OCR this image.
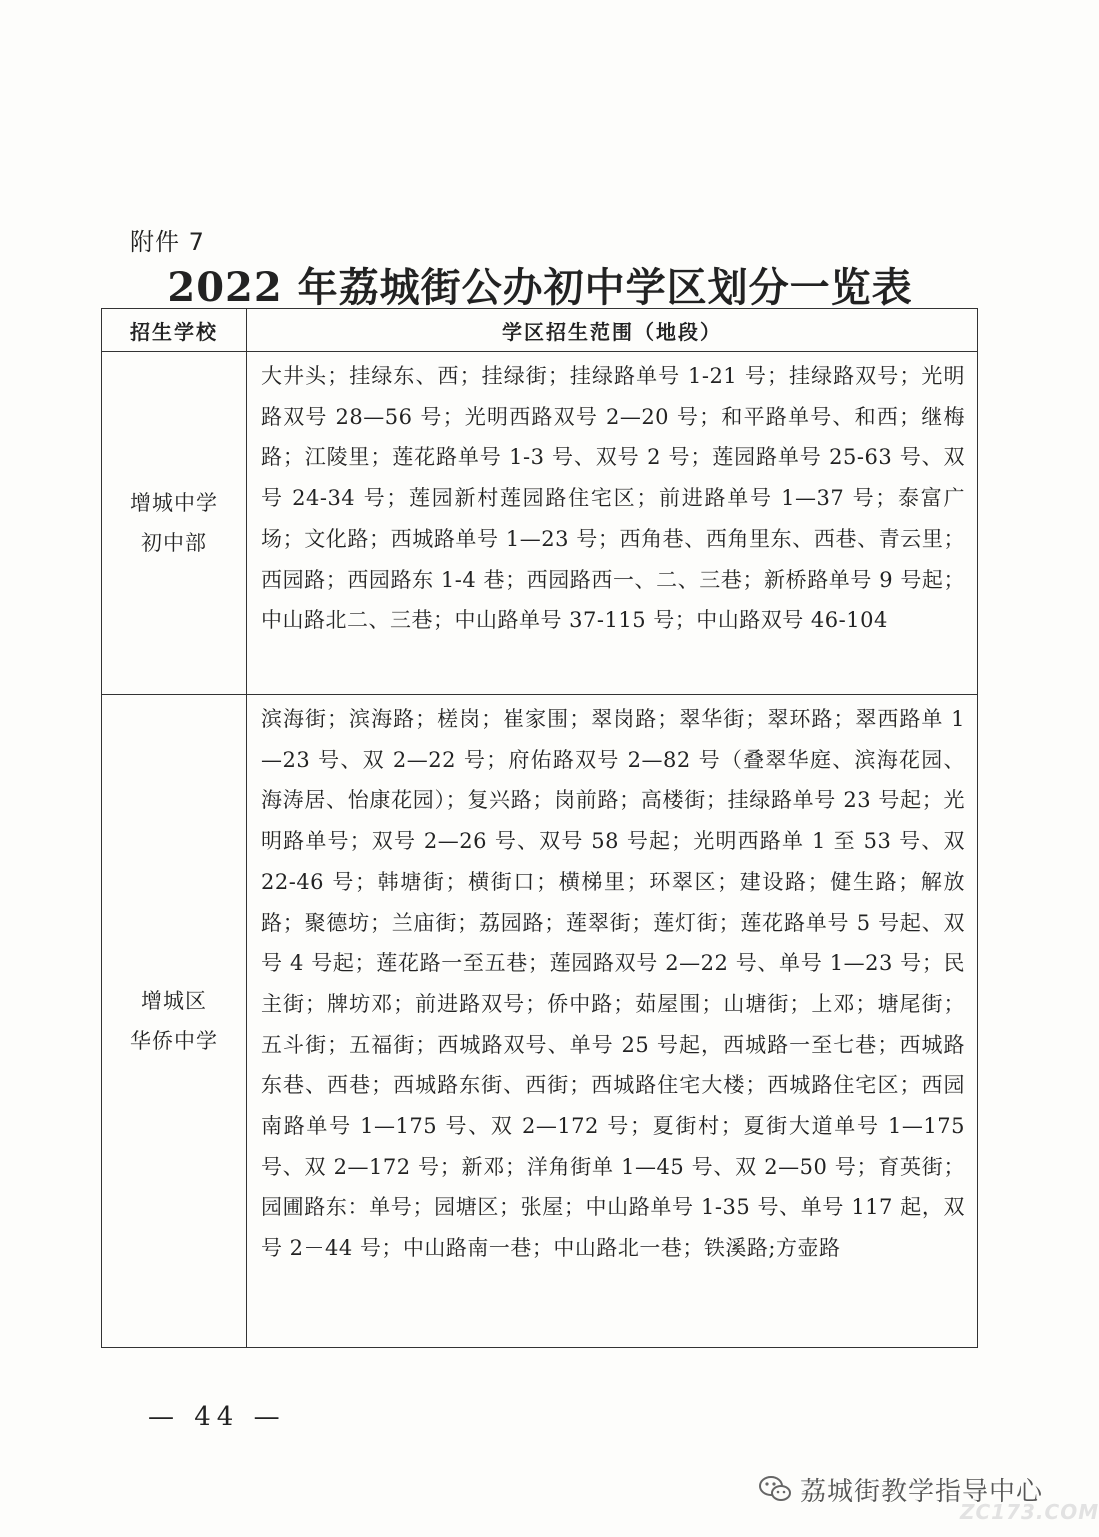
附件 7
2022 年荔城街公办初中学区划分一览表
招生学校	学区招生范围（地段）

增城中学
初中部	大井头；挂绿东、西；挂绿街；挂绿路单号 1-21 号；挂绿路双号；光明路双号 28—56 号；光明西路双号 2—20 号；和平路单号、和西；继梅路；江陵里；莲花路单号 1-3 号、双号 2 号；莲园路单号 25-63 号、双号 24-34 号；莲园新村莲园路住宅区；前进路单号 1—37 号；泰富广场；文化路；西城路单号 1—23 号；西角巷、西角里东、西巷、青云里；西园路；西园路东 1-4 巷；西园路西一、二、三巷；新桥路单号 9 号起；中山路北二、三巷；中山路单号 37-115 号；中山路双号 46-104

增城区
华侨中学	滨海街；滨海路；槎岗；崔家围；翠岗路；翠华街；翠环路；翠西路单 1—23 号、双 2—22 号；府佑路双号 2—82 号（叠翠华庭、滨海花园、海涛居、怡康花园）；复兴路；岗前路；高楼街；挂绿路单号 23 号起；光明路单号；双号 2—26 号、双号 58 号起；光明西路单 1 至 53 号、双 22-46 号；韩塘街；横街口；横梯里；环翠区；建设路；健生路；解放路；聚德坊；兰庙街；荔园路；莲翠街；莲灯街；莲花路单号 5 号起、双号 4 号起；莲花路一至五巷；莲园路双号 2—22 号、单号 1—23 号；民主街；牌坊邓；前进路双号；侨中路；茹屋围；山塘街；上邓；塘尾街；五斗街；五福街；西城路双号、单号 25 号起，西城路一至七巷；西城路东巷、西巷；西城路东街、西街；西城路住宅大楼；西城路住宅区；西园南路单号 1—175 号、双 2—172 号；夏街村；夏街大道单号 1—175 号、双 2—172 号；新邓；洋角街单 1—45 号、双 2—50 号；育英街；园圃路东：单号；园塘区；张屋；中山路单号 1-35 号、单号 117 起，双号 2－44 号；中山路南一巷；中山路北一巷；铁溪路;方壶路
— 44 —
荔城街教学指导中心
ZC173.COM
